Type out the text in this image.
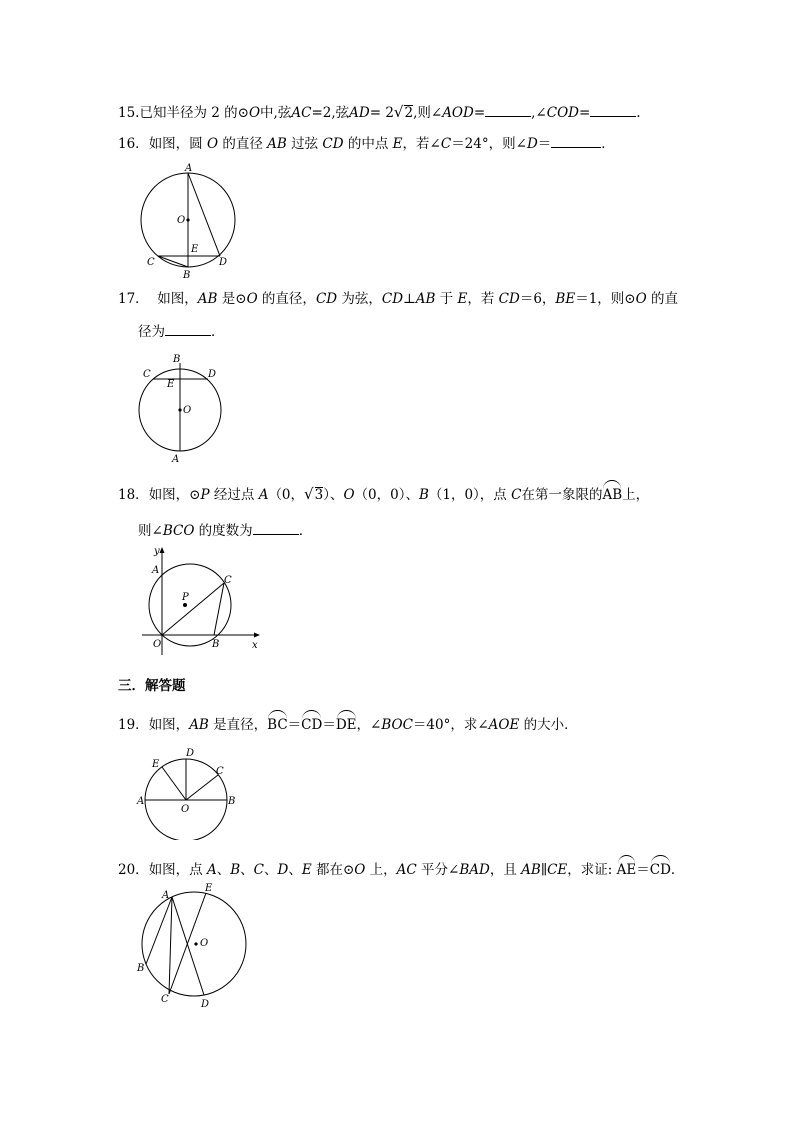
15.已知半径为 2 的⊙O中,弦AC=2,弦AD= 2√2,则∠AOD=	,∠COD=	.
16．如图，圆 O 的直径 AB 过弦 CD 的中点 E，若∠C＝24°，则∠D＝	．
A
O
E
C
B
D
17． 如图，AB 是⊙O 的直径，CD 为弦，CD⊥AB 于 E，若 CD＝6，BE＝1，则⊙O 的直
径为	．
B
C
E
D
O
A
18．如图，⊙P 经过点 A（0，√3）、O（0，0）、B（1，0），点 C在第一象限的AB上，
则∠BCO 的度数为	．
y
A
C
P
O	B	x
三．解答题
19．如图，AB 是直径，BC＝CD＝DE，∠BOC＝40°，求∠AOE 的大小．
D
E
C
A
O
B
20．如图，点 A、B、C、D、E 都在⊙O 上，AC 平分∠BAD，且 AB∥CE，求证: AE＝CD．
A
E
O
B
C	D
